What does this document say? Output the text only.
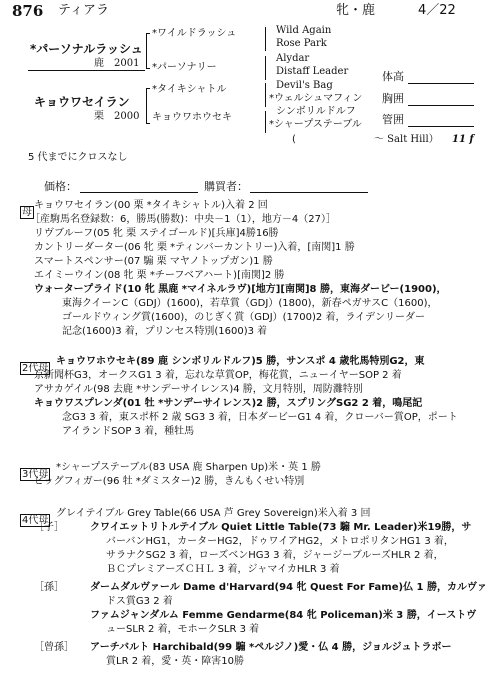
876 ティアラ	牝・鹿	4／22
*パーソナルラッシュ
鹿 2001
キョウワセイラン
栗 2000
*ワイルドラッシュ
*パーソナリー
*タイキシャトル
キョウワホウセキ
Wild Again
Rose Park
Alydar
Distaff Leader
Devil's Bag
*ウェルシュマフィン
シンボリルドルフ
*シャープステーブル
(	～ Salt Hill） 11 f
体高
胸囲
管囲
5 代までにクロスなし
価格：	購買者：
母
キョウワセイラン(00 栗 *タイキシャトル)入着 2 回
［産駒馬名登録数：6，勝馬(勝数)：中央－1（1），地方－4（27）］
リヴブルーフ(05 牝 栗 ステイゴールド)[兵庫]4勝16勝
カントリーダーター(06 牝 栗 *ティンバーカントリー)入着，[南関]1 勝
スマートスペンサー(07 騸 栗 マヤノトップガン)1 勝
エイミーウイン(08 牝 栗 *チーフベアハート)[南関]2 勝
ウォータープライド(10 牝 黒鹿 *マイネルラヴ)[地方][南関]8 勝，東海ダービー(1900)，
東海クイーンC（GDJ）(1600)，若草賞（GDJ）(1800)，新春ペガサスC（1600)，
ゴールドウィング賞(1600)，のじぎく賞（GDJ）(1700)2 着，ライデンリーダー
記念(1600)3 着，プリンセス特別(1600)3 着
2代母
キョウワホウセキ(89 鹿 シンボリルドルフ)5 勝，サンスポ 4 歳牝馬特別G2，東
京新聞杯G3，オークスG1 3 着，忘れな草賞OP，梅花賞，ニューイヤーSOP 2 着
アサカゲイル(98 去鹿 *サンデーサイレンス)4 勝，文月特別，周防灘特別
キョウワスプレンダ(01 牡 *サンデーサイレンス)2 勝，スプリングSG2 2 着，鳴尾記
念G3 3 着，東スポ杯 2 歳 SG3 3 着，日本ダービーG1 4 着，クローバー賞OP，ポート
アイランドSOP 3 着，種牡馬
3代母
*シャープステーブル(83 USA 鹿 Sharpen Up)米・英 1 勝
ビッグフィガー(96 牡 *ダミスター)2 勝，きんもくせい特別
4代母
グレイテイブル Grey Table(66 USA 芦 Grey Sovereign)米入着 3 回
［子］	クワイエットリトルテイブル Quiet Little Table(73 騸 Mr. Leader)米19勝，サ
バーバンHG1，カーターHG2，ドゥワイアHG2，メトロポリタンHG1 3 着，
サラナクSG2 3 着，ローズベンHG3 3 着，ジャージーブルーズHLR 2 着，
ＢＣプレミアーズＣＨＬ 3 着，ジャマイカHLR 3 着
［孫］	ダームダルヴァール Dame d'Harvard(94 牝 Quest For Fame)仏 1 勝，カルヴァ
ドス賞G3 2 着
ファムジャンダルム Femme Gendarme(84 牝 Policeman)米 3 勝，イーストヴ
ューSLR 2 着，モホークSLR 3 着
［曾孫］ アーチバルト Harchibald(99 騸 *ペルジノ)愛・仏 4 勝，ジョルジュトラボー
賞LR 2 着，愛・英・障害10勝
